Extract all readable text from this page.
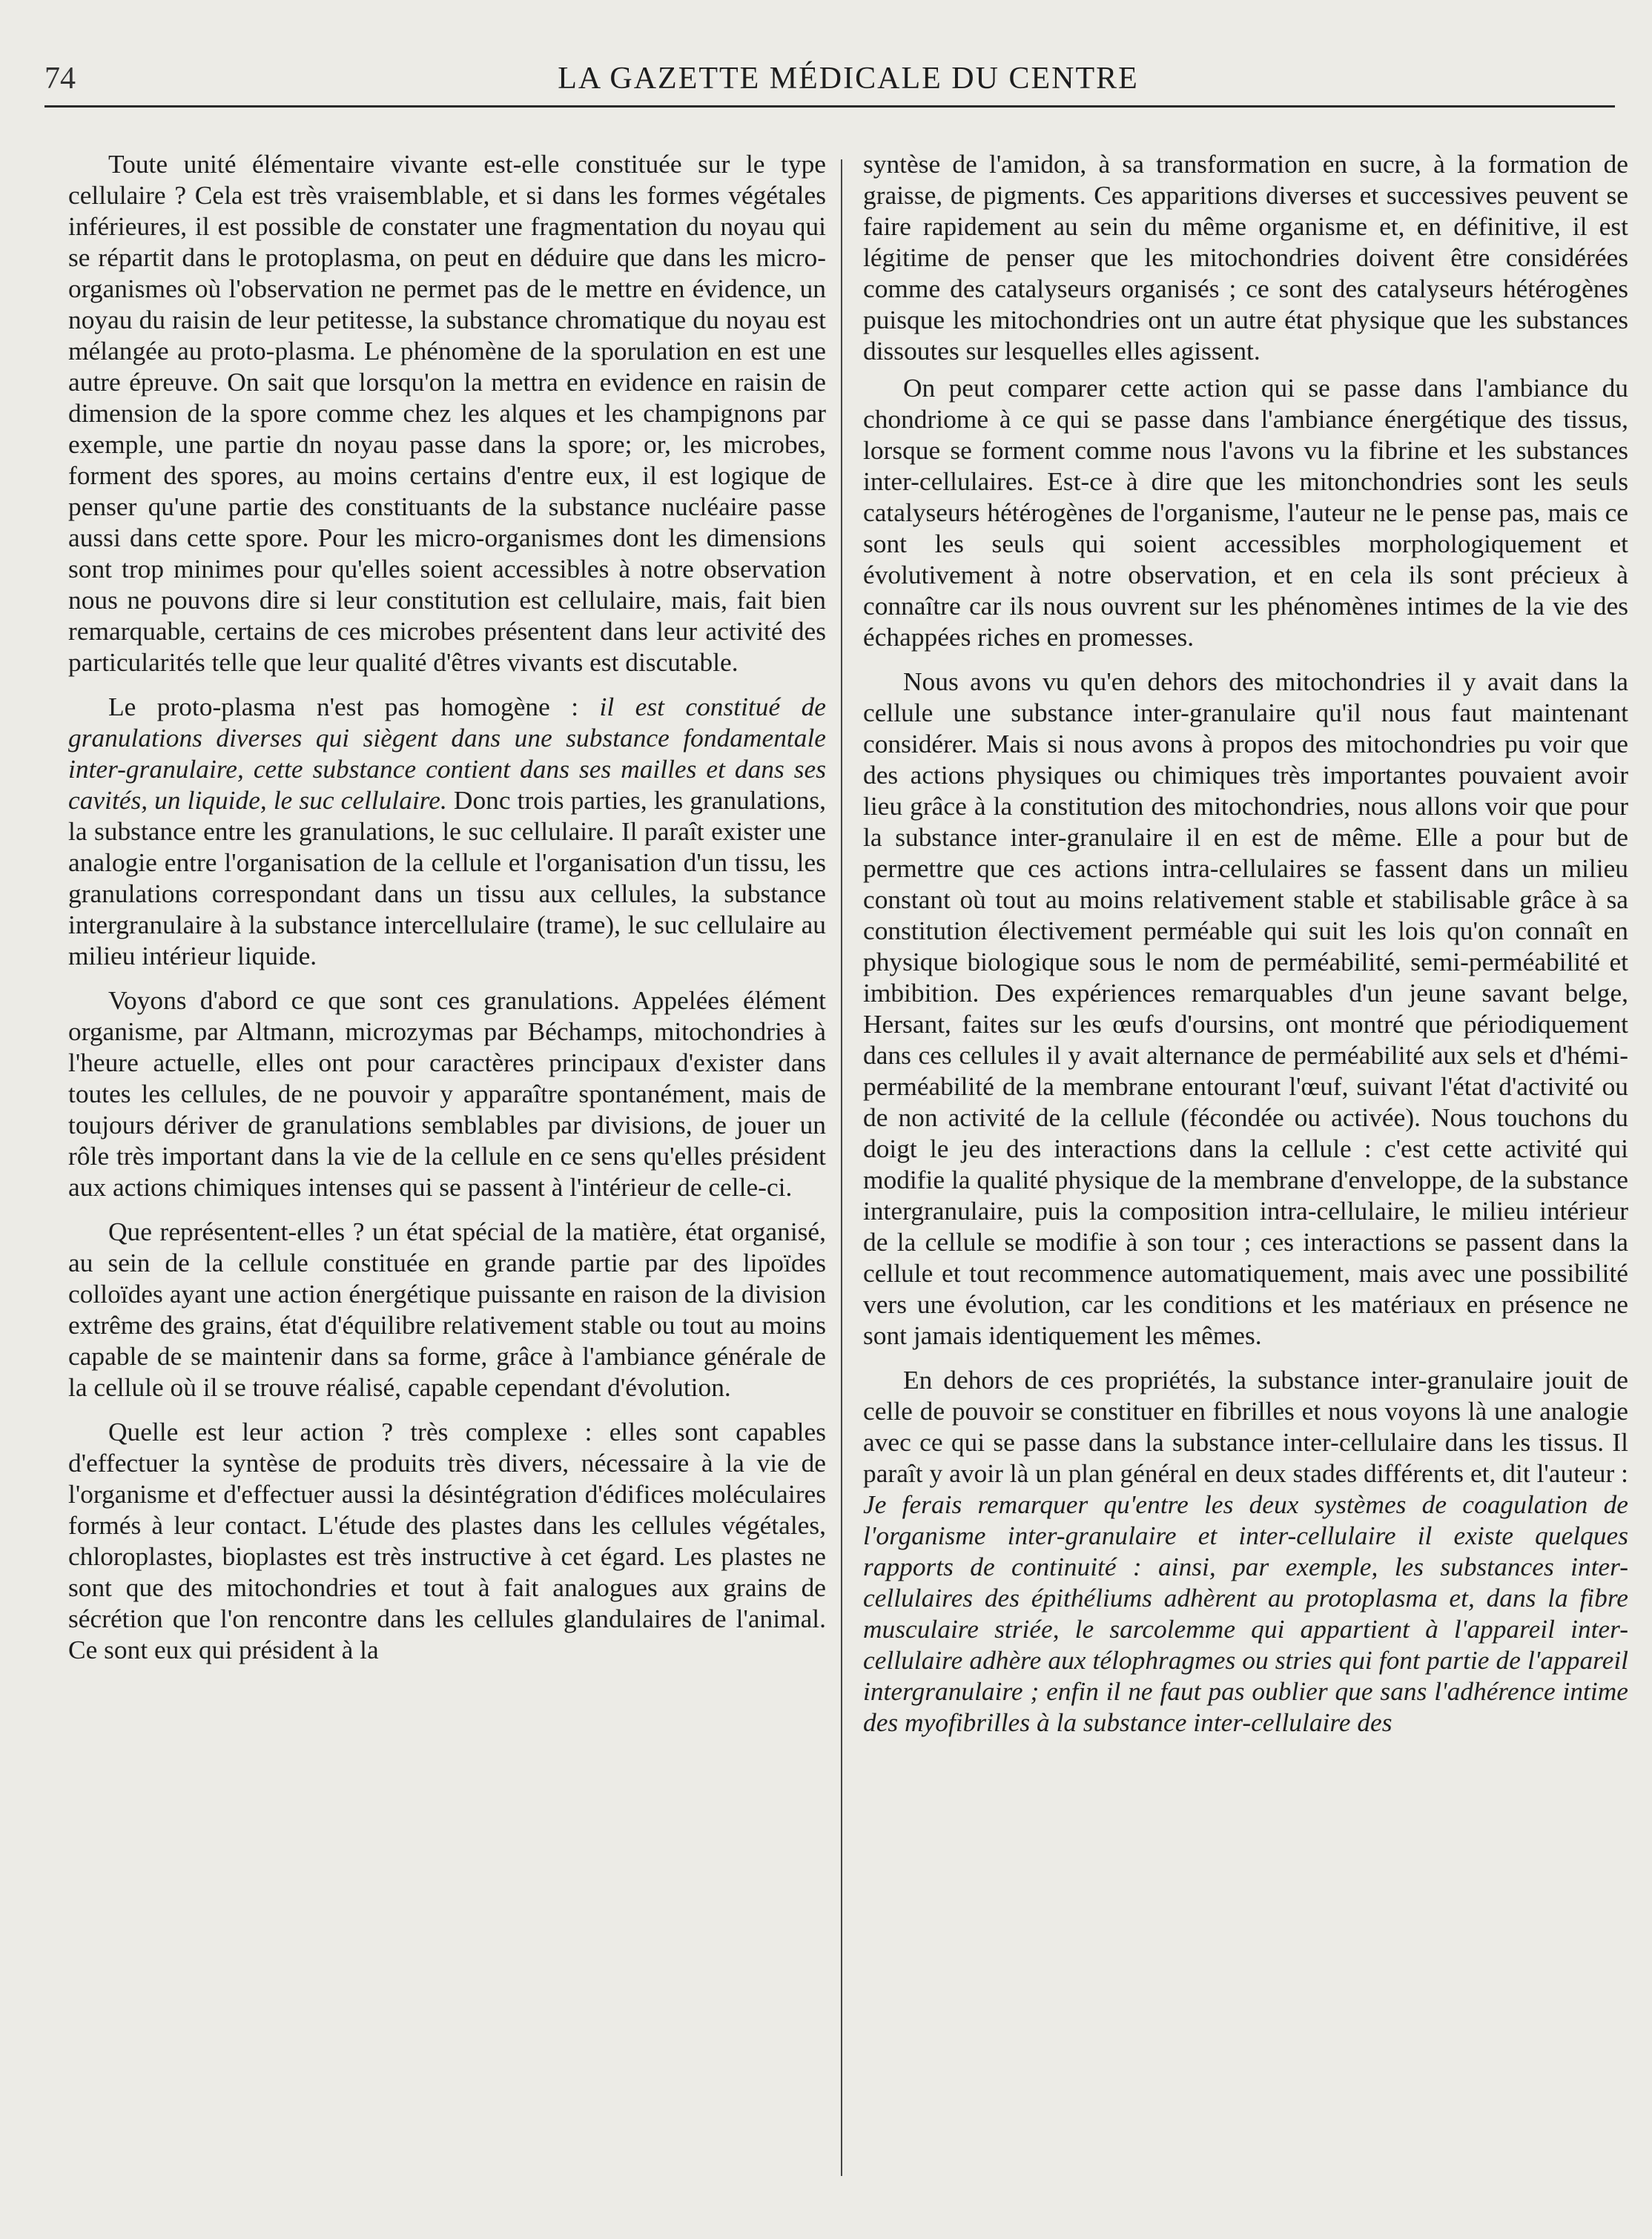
74	LA GAZETTE MÉDICALE DU CENTRE

Toute unité élémentaire vivante est-elle constituée sur le type cellulaire ? Cela est très vraisemblable, et si dans les formes végétales inférieures, il est possible de constater une fragmentation du noyau qui se répartit dans le protoplasma, on peut en déduire que dans les micro-organismes où l'observation ne permet pas de le mettre en évidence, un noyau du raisin de leur petitesse, la substance chromatique du noyau est mélangée au proto-plasma. Le phénomène de la sporulation en est une autre épreuve. On sait que lorsqu'on la mettra en evidence en raisin de dimension de la spore comme chez les alques et les champignons par exemple, une partie dn noyau passe dans la spore; or, les microbes, forment des spores, au moins certains d'entre eux, il est logique de penser qu'une partie des constituants de la substance nucléaire passe aussi dans cette spore. Pour les micro-organismes dont les dimensions sont trop minimes pour qu'elles soient accessibles à notre observation nous ne pouvons dire si leur constitution est cellulaire, mais, fait bien remarquable, certains de ces microbes présentent dans leur activité des particularités telle que leur qualité d'êtres vivants est discutable.

Le proto-plasma n'est pas homogène : il est constitué de granulations diverses qui siègent dans une substance fondamentale inter-granulaire, cette substance contient dans ses mailles et dans ses cavités, un liquide, le suc cellulaire. Donc trois parties, les granulations, la substance entre les granulations, le suc cellulaire. Il paraît exister une analogie entre l'organisation de la cellule et l'organisation d'un tissu, les granulations correspondant dans un tissu aux cellules, la substance intergranulaire à la substance intercellulaire (trame), le suc cellulaire au milieu intérieur liquide.

Voyons d'abord ce que sont ces granulations. Appelées élément organisme, par Altmann, microzymas par Béchamps, mitochondries à l'heure actuelle, elles ont pour caractères principaux d'exister dans toutes les cellules, de ne pouvoir y apparaître spontanément, mais de toujours dériver de granulations semblables par divisions, de jouer un rôle très important dans la vie de la cellule en ce sens qu'elles président aux actions chimiques intenses qui se passent à l'intérieur de celle-ci.

Que représentent-elles ? un état spécial de la matière, état organisé, au sein de la cellule constituée en grande partie par des lipoïdes colloïdes ayant une action énergétique puissante en raison de la division extrême des grains, état d'équilibre relativement stable ou tout au moins capable de se maintenir dans sa forme, grâce à l'ambiance générale de la cellule où il se trouve réalisé, capable cependant d'évolution.

Quelle est leur action ? très complexe : elles sont capables d'effectuer la syntèse de produits très divers, nécessaire à la vie de l'organisme et d'effectuer aussi la désintégration d'édifices moléculaires formés à leur contact. L'étude des plastes dans les cellules végétales, chloroplastes, bioplastes est très instructive à cet égard. Les plastes ne sont que des mitochondries et tout à fait analogues aux grains de sécrétion que l'on rencontre dans les cellules glandulaires de l'animal. Ce sont eux qui président à la

syntèse de l'amidon, à sa transformation en sucre, à la formation de graisse, de pigments. Ces apparitions diverses et successives peuvent se faire rapidement au sein du même organisme et, en définitive, il est légitime de penser que les mitochondries doivent être considérées comme des catalyseurs organisés ; ce sont des catalyseurs hétérogènes puisque les mitochondries ont un autre état physique que les substances dissoutes sur lesquelles elles agissent.

On peut comparer cette action qui se passe dans l'ambiance du chondriome à ce qui se passe dans l'ambiance énergétique des tissus, lorsque se forment comme nous l'avons vu la fibrine et les substances inter-cellulaires. Est-ce à dire que les mitonchondries sont les seuls catalyseurs hétérogènes de l'organisme, l'auteur ne le pense pas, mais ce sont les seuls qui soient accessibles morphologiquement et évolutivement à notre observation, et en cela ils sont précieux à connaître car ils nous ouvrent sur les phénomènes intimes de la vie des échappées riches en promesses.

Nous avons vu qu'en dehors des mitochondries il y avait dans la cellule une substance inter-granulaire qu'il nous faut maintenant considérer. Mais si nous avons à propos des mitochondries pu voir que des actions physiques ou chimiques très importantes pouvaient avoir lieu grâce à la constitution des mitochondries, nous allons voir que pour la substance inter-granulaire il en est de même. Elle a pour but de permettre que ces actions intra-cellulaires se fassent dans un milieu constant où tout au moins relativement stable et stabilisable grâce à sa constitution électivement perméable qui suit les lois qu'on connaît en physique biologique sous le nom de perméabilité, semi-perméabilité et imbibition. Des expériences remarquables d'un jeune savant belge, Hersant, faites sur les œufs d'oursins, ont montré que périodiquement dans ces cellules il y avait alternance de perméabilité aux sels et d'hémi-perméabilité de la membrane entourant l'œuf, suivant l'état d'activité ou de non activité de la cellule (fécondée ou activée). Nous touchons du doigt le jeu des interactions dans la cellule : c'est cette activité qui modifie la qualité physique de la membrane d'enveloppe, de la substance intergranulaire, puis la composition intra-cellulaire, le milieu intérieur de la cellule se modifie à son tour ; ces interactions se passent dans la cellule et tout recommence automatiquement, mais avec une possibilité vers une évolution, car les conditions et les matériaux en présence ne sont jamais identiquement les mêmes.

En dehors de ces propriétés, la substance inter-granulaire jouit de celle de pouvoir se constituer en fibrilles et nous voyons là une analogie avec ce qui se passe dans la substance inter-cellulaire dans les tissus. Il paraît y avoir là un plan général en deux stades différents et, dit l'auteur : Je ferais remarquer qu'entre les deux systèmes de coagulation de l'organisme inter-granulaire et inter-cellulaire il existe quelques rapports de continuité : ainsi, par exemple, les substances inter-cellulaires des épithéliums adhèrent au protoplasma et, dans la fibre musculaire striée, le sarcolemme qui appartient à l'appareil inter-cellulaire adhère aux télophragmes ou stries qui font partie de l'appareil intergranulaire ; enfin il ne faut pas oublier que sans l'adhérence intime des myofibrilles à la substance inter-cellulaire des
